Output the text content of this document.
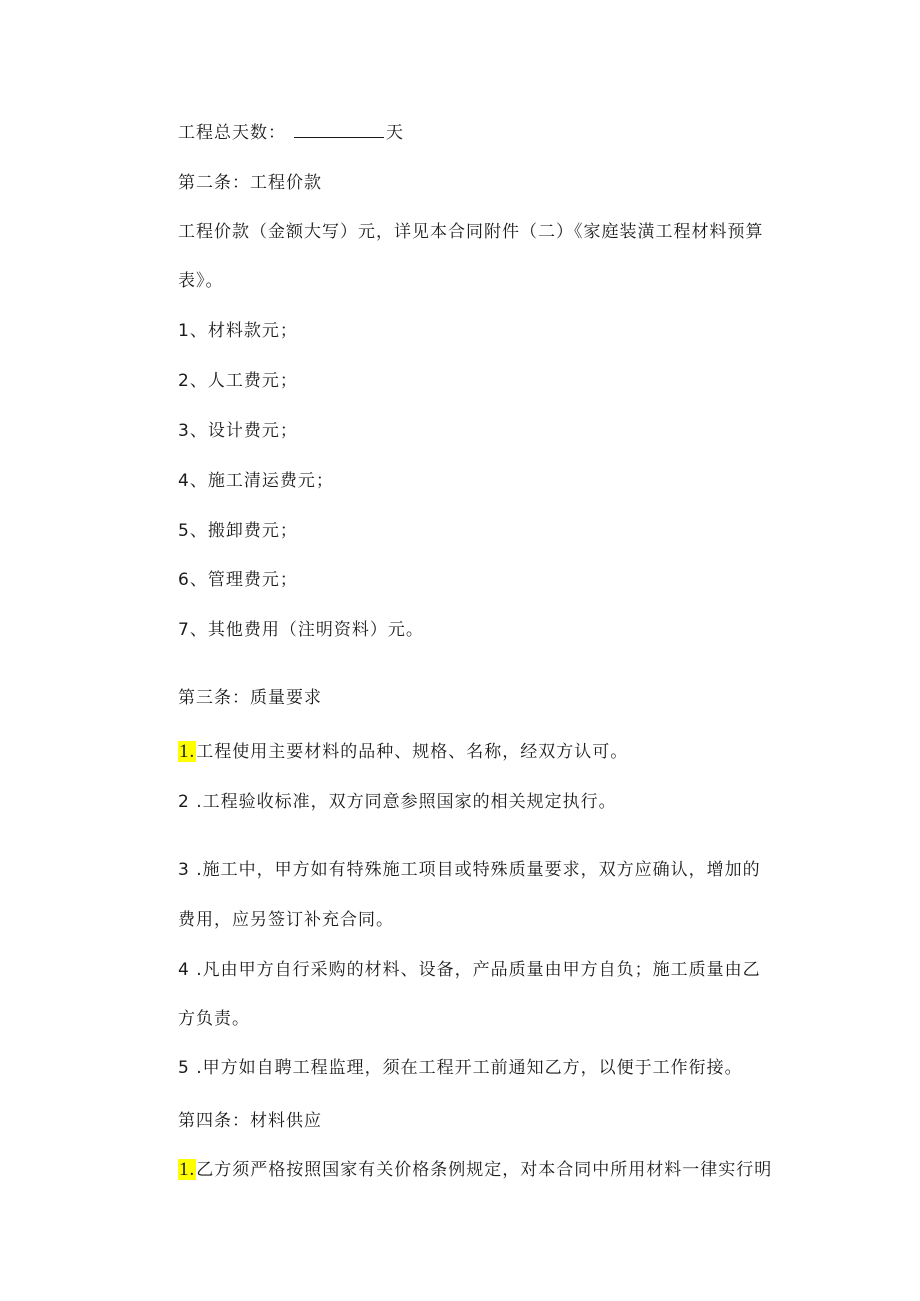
工程总天数：	天
第二条：工程价款
工程价款（金额大写）元，详见本合同附件（二）《家庭装潢工程材料预算
表》。
1、材料款元；
2、人工费元；
3、设计费元；
4、施工清运费元；
5、搬卸费元；
6、管理费元；
7、其他费用（注明资料）元。
第三条：质量要求
1.工程使用主要材料的品种、规格、名称，经双方认可。
2 .工程验收标准，双方同意参照国家的相关规定执行。
3 .施工中，甲方如有特殊施工项目或特殊质量要求，双方应确认，增加的
费用，应另签订补充合同。
4 .凡由甲方自行采购的材料、设备，产品质量由甲方自负；施工质量由乙
方负责。
5 .甲方如自聘工程监理，须在工程开工前通知乙方，以便于工作衔接。
第四条：材料供应
1.乙方须严格按照国家有关价格条例规定，对本合同中所用材料一律实行明
